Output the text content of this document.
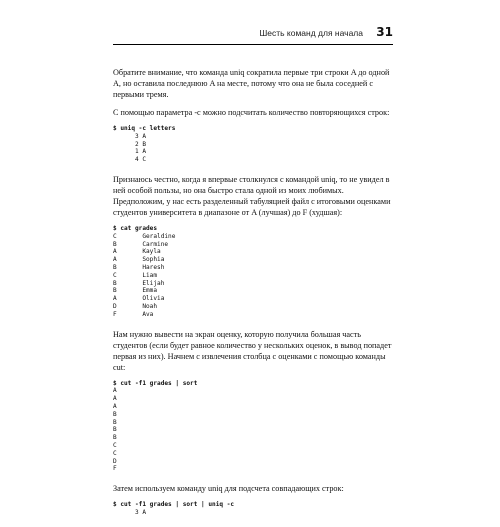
Шесть команд для начала 31

Обратите внимание, что команда uniq сократила первые три строки A до одной A, но оставила последнюю A на месте, потому что она не была соседней с первыми тремя.

С помощью параметра -c можно подсчитать количество повторяющихся строк:

$ uniq -c letters
3 A
2 B
1 A
4 C

Признаюсь честно, когда я впервые столкнулся с командой uniq, то не увидел в ней особой пользы, но она быстро стала одной из моих любимых. Предположим, у нас есть разделенный табуляцией файл с итоговыми оценками студентов университета в диапазоне от A (лучшая) до F (худшая):

$ cat grades
C       Geraldine
B       Carmine
A       Kayla
A       Sophia
B       Haresh
C       Liam
B       Elijah
B       Emma
A       Olivia
D       Noah
F       Ava

Нам нужно вывести на экран оценку, которую получила большая часть студентов (если будет равное количество у нескольких оценок, в вывод попадет первая из них). Начнем с извлечения столбца с оценками с помощью команды cut:

$ cut -f1 grades | sort
A
A
A
B
B
B
B
C
C
D
F

Затем используем команду uniq для подсчета совпадающих строк:

$ cut -f1 grades | sort | uniq -c
3 A
